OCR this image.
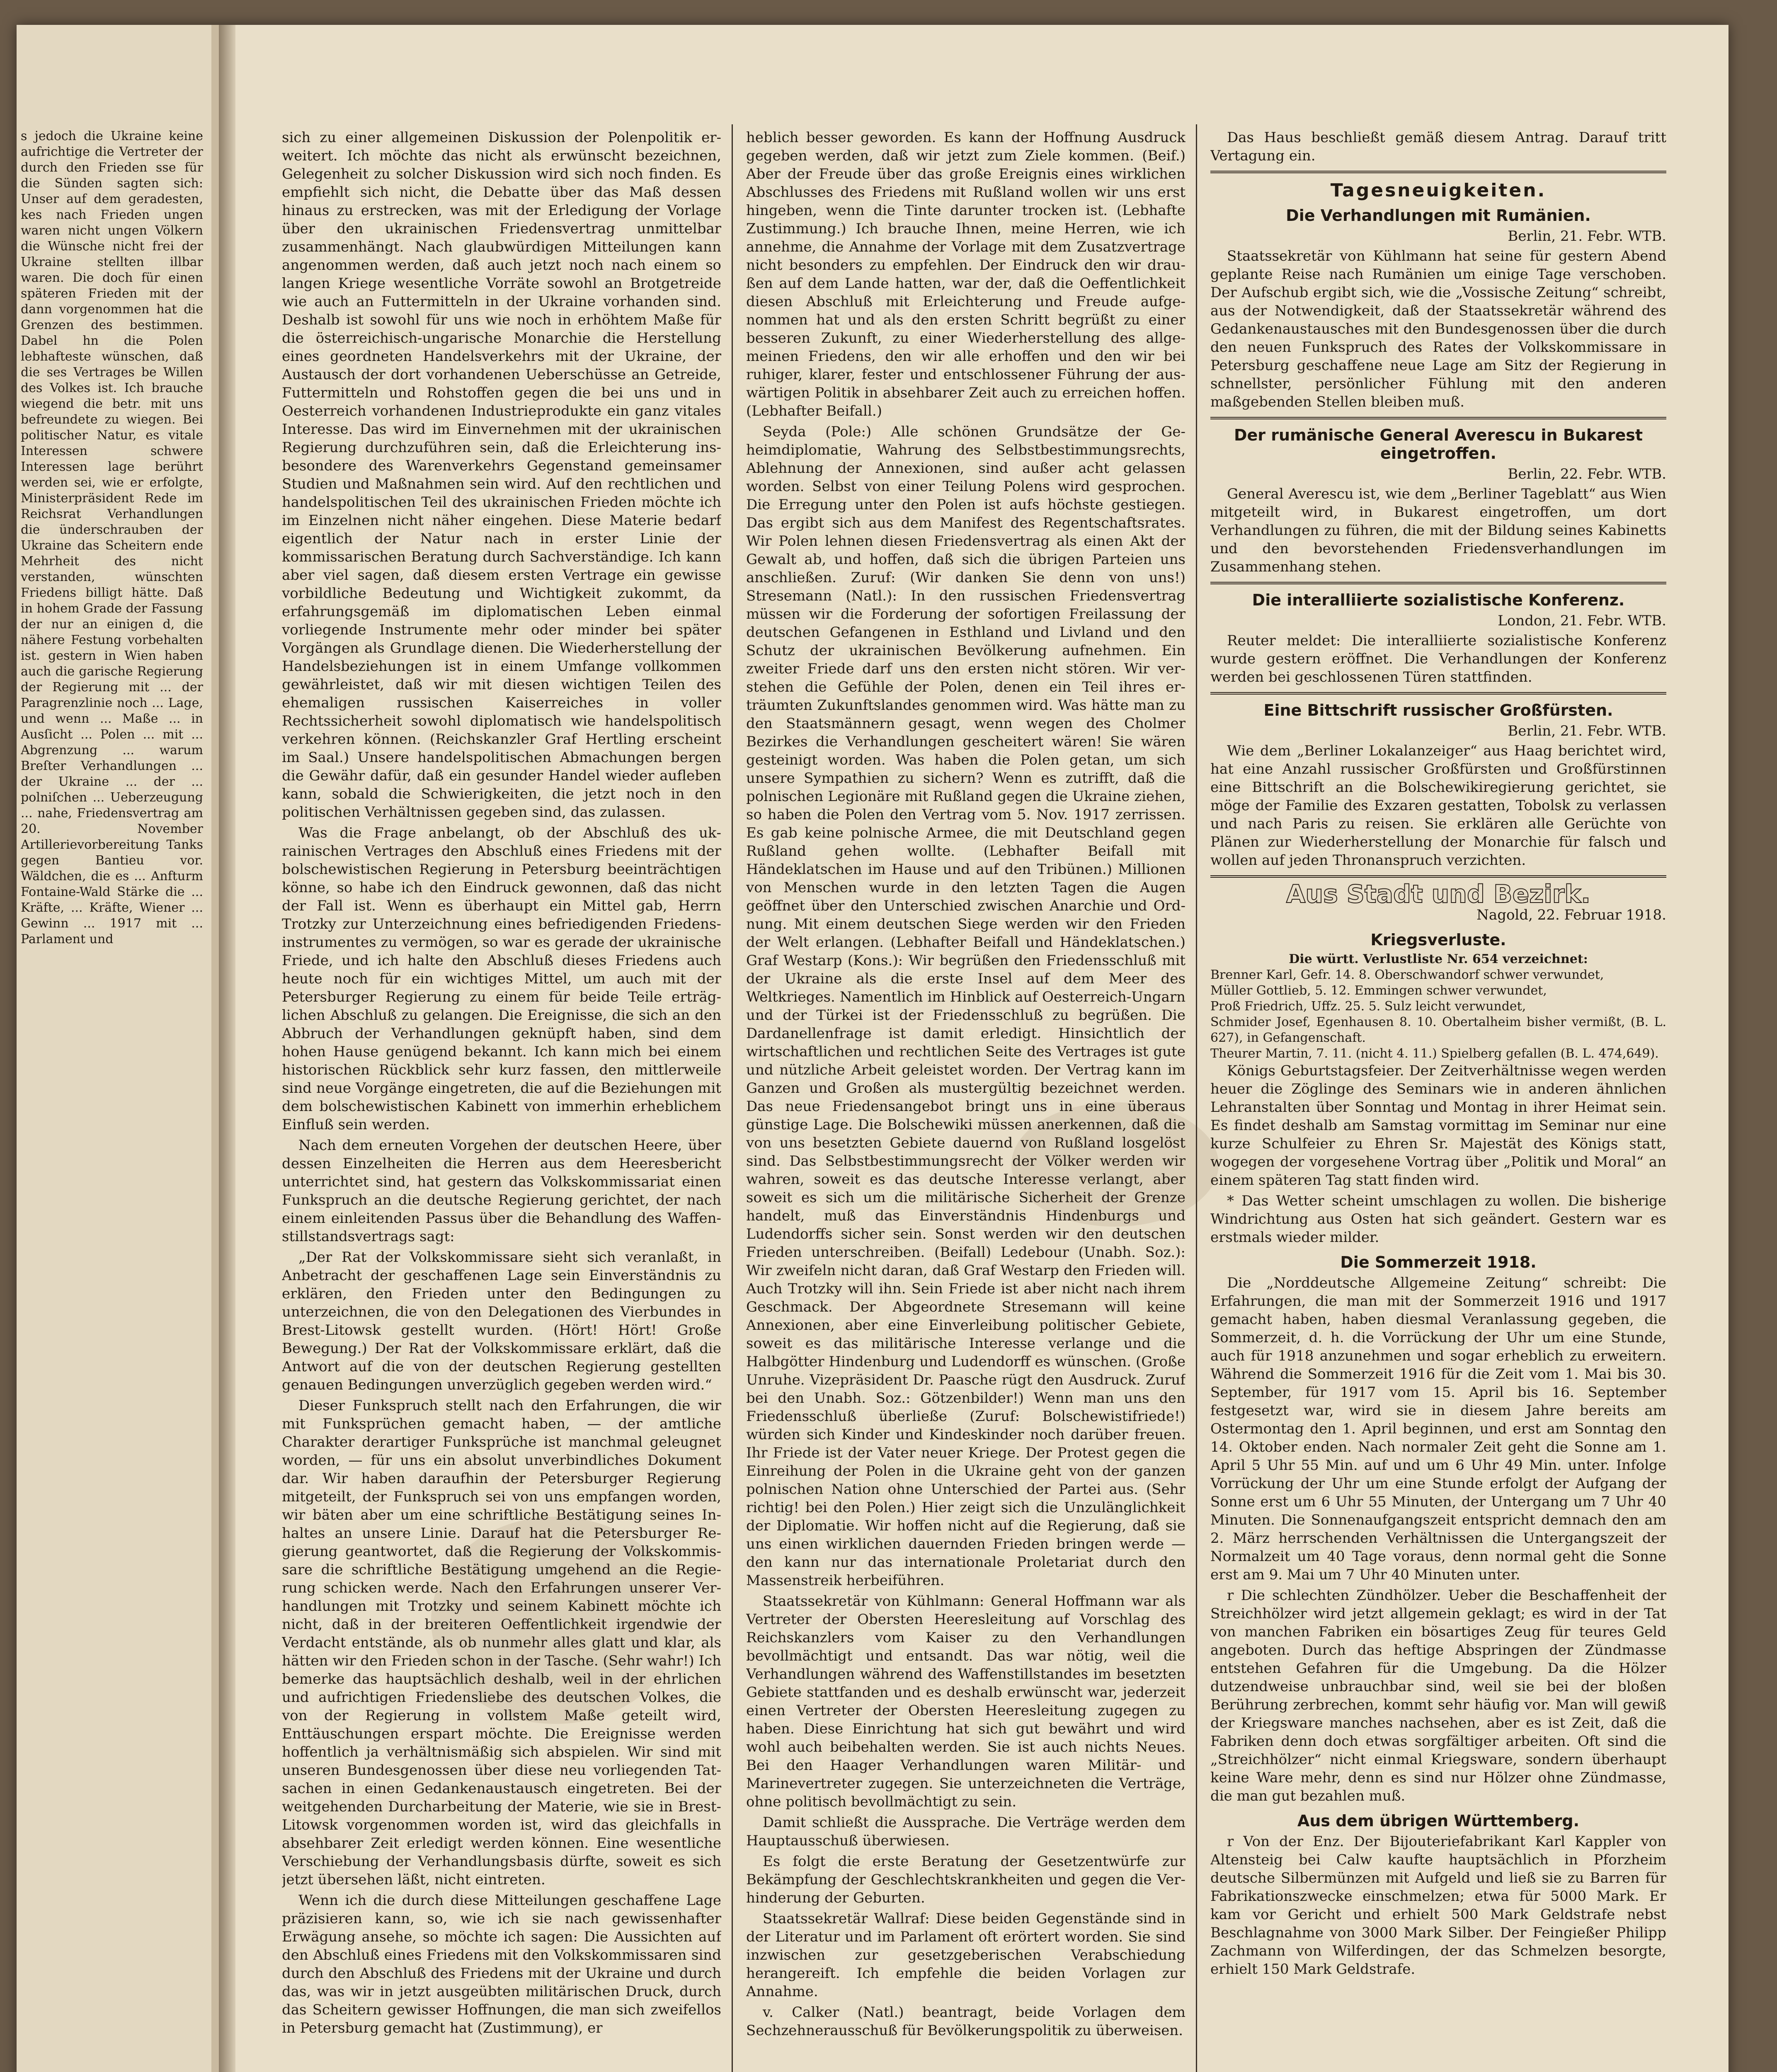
s jedoch die Ukraine keine aufrichtige die Vertreter der durch den Frieden sse für die Sünden sagten sich: Unser auf dem geradesten, kes nach Frieden ungen waren nicht ungen Völkern die Wünsche nicht frei der Ukraine stellten illbar waren. Die doch für einen späteren Frieden mit der dann vorgenommen hat die Grenzen des bestimmen. Dabel hn die Polen lebhafteste wünschen, daß die ses Vertrages be Willen des Volkes ist. Ich brauche wiegend die betr. mit uns befreundete zu wiegen. Bei politischer Natur, es vitale Interessen schwere Interessen lage berührt werden sei, wie er erfolgte, Ministerpräsident Rede im Reichsrat Verhandlungen die ünderschrauben der Ukraine das Scheitern ende Mehrheit des nicht verstanden, wünschten Friedens billigt hätte. Daß in hohem Grade der Fassung der nur an einigen d, die nähere Festung vorbehalten ist. gestern in Wien haben auch die garische Regierung der Regierung mit ... der Paragrenzlinie noch ... Lage, und wenn ... Maße ... in Ausſicht ... Polen ... mit ... Abgrenzung ... warum Breſter Verhandlungen ... der Ukraine ... der ... polniſchen ... Ueberzeugung ... nahe, Friedensvertrag am 20. November Artillerievorbereitung Tanks gegen Bantieu vor. Wäldchen, die es ... Anfturm Fontaine-Wald Stärke die ... Kräfte, ... Kräfte, Wiener ... Gewinn ... 1917 mit ... Parlament und

sich zu einer allgemeinen Diskussion der Polenpolitik erweitert. Ich möchte das nicht als erwünscht bezeichnen, Gelegenheit zu solcher Diskussion wird sich noch finden. Es empfiehlt sich nicht, die Debatte über das Maß dessen hinaus zu erstrecken, was mit der Erledigung der Vorlage über den ukrainischen Friedensvertrag unmittelbar zusammenhängt. Nach glaubwürdigen Mitteilungen kann angenommen werden, daß auch jetzt noch nach einem so langen Kriege wesentliche Vorräte sowohl an Brotgetreide wie auch an Futtermitteln in der Ukraine vorhanden sind. Deshalb ist sowohl für uns wie noch in erhöhtem Maße für die österreichisch-ungarische Monarchie die Herstellung eines geordneten Handelsverkehrs mit der Ukraine, der Austausch der dort vorhandenen Ueberschüsse an Getreide, Futtermitteln und Rohstoffen gegen die bei uns und in Oesterreich vorhandenen Industrieprodukte ein ganz vitales Interesse. Das wird im Einvernehmen mit der ukrainischen Regierung durchzuführen sein, daß die Erleichterung insbesondere des Warenverkehrs Gegenstand gemeinsamer Studien und Maßnahmen sein wird. Auf den rechtlichen und handelspolitischen Teil des ukrainischen Frieden möchte ich im Einzelnen nicht näher eingehen. Diese Materie bedarf eigentlich der Natur nach in erster Linie der kommissarischen Beratung durch Sachverständige. Ich kann aber viel sagen, daß diesem ersten Vertrage ein gewisse vorbildliche Bedeutung und Wichtigkeit zukommt, da erfahrungsgemäß im diplomatischen Leben einmal vorliegende Instrumente mehr oder minder bei später Vorgängen als Grundlage dienen. Die Wiederherstellung der Handelsbeziehungen ist in einem Umfange vollkommen gewährleistet, daß wir mit diesen wichtigen Teilen des ehemaligen russischen Kaiserreiches in voller Rechtssicherheit sowohl diplomatisch wie handelspolitisch verkehren können. (Reichskanzler Graf Hertling erscheint im Saal.) Unsere handelspolitischen Abmachungen bergen die Gewähr dafür, daß ein gesunder Handel wieder aufleben kann, sobald die Schwierigkeiten, die jetzt noch in den politischen Verhältnissen gegeben sind, das zulassen.

Was die Frage anbelangt, ob der Abschluß des ukrainischen Vertrages den Abschluß eines Friedens mit der bolschewistischen Regierung in Petersburg beeinträchtigen könne, so habe ich den Eindruck gewonnen, daß das nicht der Fall ist. Wenn es überhaupt ein Mittel gab, Herrn Trotzky zur Unterzeichnung eines befriedigenden Friedensinstrumentes zu vermögen, so war es gerade der ukrainische Friede, und ich halte den Abschluß dieses Friedens auch heute noch für ein wichtiges Mittel, um auch mit der Petersburger Regierung zu einem für beide Teile erträglichen Abschluß zu gelangen. Die Ereignisse, die sich an den Abbruch der Verhandlungen geknüpft haben, sind dem hohen Hause genügend bekannt. Ich kann mich bei einem historischen Rückblick sehr kurz fassen, den mittlerweile sind neue Vorgänge eingetreten, die auf die Beziehungen mit dem bolschewistischen Kabinett von immerhin erheblichem Einfluß sein werden.

Nach dem erneuten Vorgehen der deutschen Heere, über dessen Einzelheiten die Herren aus dem Heeresbericht unterrichtet sind, hat gestern das Volkskommissariat einen Funkspruch an die deutsche Regierung gerichtet, der nach einem einleitenden Passus über die Behandlung des Waffenstillstandsvertrags sagt:

„Der Rat der Volkskommissare sieht sich veranlaßt, in Anbetracht der geschaffenen Lage sein Einverständnis zu erklären, den Frieden unter den Bedingungen zu unterzeichnen, die von den Delegationen des Vierbundes in Brest-Litowsk gestellt wurden. (Hört! Hört! Große Bewegung.) Der Rat der Volkskommissare erklärt, daß die Antwort auf die von der deutschen Regierung gestellten genauen Bedingungen unverzüglich gegeben werden wird.“

Dieser Funkspruch stellt nach den Erfahrungen, die wir mit Funksprüchen gemacht haben, — der amtliche Charakter derartiger Funksprüche ist manchmal geleugnet worden, — für uns ein absolut unverbindliches Dokument dar. Wir haben daraufhin der Petersburger Regierung mitgeteilt, der Funkspruch sei von uns empfangen worden, wir bäten aber um eine schriftliche Bestätigung seines Inhaltes an unsere Linie. Darauf hat die Petersburger Regierung geantwortet, daß die Regierung der Volkskommissare die schriftliche Bestätigung umgehend an die Regierung schicken werde. Nach den Erfahrungen unserer Verhandlungen mit Trotzky und seinem Kabinett möchte ich nicht, daß in der breiteren Oeffentlichkeit irgendwie der Verdacht entstände, als ob nunmehr alles glatt und klar, als hätten wir den Frieden schon in der Tasche. (Sehr wahr!) Ich bemerke das hauptsächlich deshalb, weil in der ehrlichen und aufrichtigen Friedensliebe des deutschen Volkes, die von der Regierung in vollstem Maße geteilt wird, Enttäuschungen erspart möchte. Die Ereignisse werden hoffentlich ja verhältnismäßig sich abspielen. Wir sind mit unseren Bundesgenossen über diese neu vorliegenden Tatsachen in einen Gedankenaustausch eingetreten. Bei der weitgehenden Durcharbeitung der Materie, wie sie in Brest-Litowsk vorgenommen worden ist, wird das gleichfalls in absehbarer Zeit erledigt werden können. Eine wesentliche Verschiebung der Verhandlungsbasis dürfte, soweit es sich jetzt übersehen läßt, nicht eintreten.

Wenn ich die durch diese Mitteilungen geschaffene Lage präzisieren kann, so, wie ich sie nach gewissenhafter Erwägung ansehe, so möchte ich sagen: Die Aussichten auf den Abschluß eines Friedens mit den Volkskommissaren sind durch den Abschluß des Friedens mit der Ukraine und durch das, was wir in jetzt ausgeübten militärischen Druck, durch das Scheitern gewisser Hoffnungen, die man sich zweifellos in Petersburg gemacht hat (Zustimmung), er

heblich besser geworden. Es kann der Hoffnung Ausdruck gegeben werden, daß wir jetzt zum Ziele kommen. (Beif.) Aber der Freude über das große Ereignis eines wirklichen Abschlusses des Friedens mit Rußland wollen wir uns erst hingeben, wenn die Tinte darunter trocken ist. (Lebhafte Zustimmung.) Ich brauche Ihnen, meine Herren, wie ich annehme, die Annahme der Vorlage mit dem Zusatzvertrage nicht besonders zu empfehlen. Der Eindruck den wir draußen auf dem Lande hatten, war der, daß die Oeffentlichkeit diesen Abschluß mit Erleichterung und Freude aufgenommen hat und als den ersten Schritt begrüßt zu einer besseren Zukunft, zu einer Wiederherstellung des allgemeinen Friedens, den wir alle erhoffen und den wir bei ruhiger, klarer, fester und entschlossener Führung der auswärtigen Politik in absehbarer Zeit auch zu erreichen hoffen. (Lebhafter Beifall.)

Seyda (Pole:) Alle schönen Grundsätze der Geheimdiplomatie, Wahrung des Selbstbestimmungsrechts, Ablehnung der Annexionen, sind außer acht gelassen worden. Selbst von einer Teilung Polens wird gesprochen. Die Erregung unter den Polen ist aufs höchste gestiegen. Das ergibt sich aus dem Manifest des Regentschaftsrates. Wir Polen lehnen diesen Friedensvertrag als einen Akt der Gewalt ab, und hoffen, daß sich die übrigen Parteien uns anschließen. Zuruf: (Wir danken Sie denn von uns!) Stresemann (Natl.): In den russischen Friedensvertrag müssen wir die Forderung der sofortigen Freilassung der deutschen Gefangenen in Esthland und Livland und den Schutz der ukrainischen Bevölkerung aufnehmen. Ein zweiter Friede darf uns den ersten nicht stören. Wir verstehen die Gefühle der Polen, denen ein Teil ihres erträumten Zukunftslandes genommen wird. Was hätte man zu den Staatsmännern gesagt, wenn wegen des Cholmer Bezirkes die Verhandlungen gescheitert wären! Sie wären gesteinigt worden. Was haben die Polen getan, um sich unsere Sympathien zu sichern? Wenn es zutrifft, daß die polnischen Legionäre mit Rußland gegen die Ukraine ziehen, so haben die Polen den Vertrag vom 5. Nov. 1917 zerrissen. Es gab keine polnische Armee, die mit Deutschland gegen Rußland gehen wollte. (Lebhafter Beifall mit Händeklatschen im Hause und auf den Tribünen.) Millionen von Menschen wurde in den letzten Tagen die Augen geöffnet über den Unterschied zwischen Anarchie und Ordnung. Mit einem deutschen Siege werden wir den Frieden der Welt erlangen. (Lebhafter Beifall und Händeklatschen.) Graf Westarp (Kons.): Wir begrüßen den Friedensschluß mit der Ukraine als die erste Insel auf dem Meer des Weltkrieges. Namentlich im Hinblick auf Oesterreich-Ungarn und der Türkei ist der Friedensschluß zu begrüßen. Die Dardanellenfrage ist damit erledigt. Hinsichtlich der wirtschaftlichen und rechtlichen Seite des Vertrages ist gute und nützliche Arbeit geleistet worden. Der Vertrag kann im Ganzen und Großen als mustergültig bezeichnet werden. Das neue Friedensangebot bringt uns in eine überaus günstige Lage. Die Bolschewiki müssen anerkennen, daß die von uns besetzten Gebiete dauernd von Rußland losgelöst sind. Das Selbstbestimmungsrecht der Völker werden wir wahren, soweit es das deutsche Interesse verlangt, aber soweit es sich um die militärische Sicherheit der Grenze handelt, muß das Einverständnis Hindenburgs und Ludendorffs sicher sein. Sonst werden wir den deutschen Frieden unterschreiben. (Beifall) Ledebour (Unabh. Soz.): Wir zweifeln nicht daran, daß Graf Westarp den Frieden will. Auch Trotzky will ihn. Sein Friede ist aber nicht nach ihrem Geschmack. Der Abgeordnete Stresemann will keine Annexionen, aber eine Einverleibung politischer Gebiete, soweit es das militärische Interesse verlange und die Halbgötter Hindenburg und Ludendorff es wünschen. (Große Unruhe. Vizepräsident Dr. Paasche rügt den Ausdruck. Zuruf bei den Unabh. Soz.: Götzenbilder!) Wenn man uns den Friedensschluß überließe (Zuruf: Bolschewistifriede!) würden sich Kinder und Kindeskinder noch darüber freuen. Ihr Friede ist der Vater neuer Kriege. Der Protest gegen die Einreihung der Polen in die Ukraine geht von der ganzen polnischen Nation ohne Unterschied der Partei aus. (Sehr richtig! bei den Polen.) Hier zeigt sich die Unzulänglichkeit der Diplomatie. Wir hoffen nicht auf die Regierung, daß sie uns einen wirklichen dauernden Frieden bringen werde — den kann nur das internationale Proletariat durch den Massenstreik herbeiführen.

Staatssekretär von Kühlmann: General Hoffmann war als Vertreter der Obersten Heeresleitung auf Vorschlag des Reichskanzlers vom Kaiser zu den Verhandlungen bevollmächtigt und entsandt. Das war nötig, weil die Verhandlungen während des Waffenstillstandes im besetzten Gebiete stattfanden und es deshalb erwünscht war, jederzeit einen Vertreter der Obersten Heeresleitung zugegen zu haben. Diese Einrichtung hat sich gut bewährt und wird wohl auch beibehalten werden. Sie ist auch nichts Neues. Bei den Haager Verhandlungen waren Militär- und Marinevertreter zugegen. Sie unterzeichneten die Verträge, ohne politisch bevollmächtigt zu sein.

Damit schließt die Aussprache. Die Verträge werden dem Hauptausschuß überwiesen.

Es folgt die erste Beratung der Gesetzentwürfe zur Bekämpfung der Geschlechtskrankheiten und gegen die Verhinderung der Geburten.

Staatssekretär Wallraf: Diese beiden Gegenstände sind in der Literatur und im Parlament oft erörtert worden. Sie sind inzwischen zur gesetzgeberischen Verabschiedung herangereift. Ich empfehle die beiden Vorlagen zur Annahme.

v. Calker (Natl.) beantragt, beide Vorlagen dem Sechzehnerausschuß für Bevölkerungspolitik zu überweisen.

Das Haus beschließt gemäß diesem Antrag. Darauf tritt Vertagung ein.

Tagesneuigkeiten.
Die Verhandlungen mit Rumänien.
Berlin, 21. Febr. WTB.

Staatssekretär von Kühlmann hat seine für gestern Abend geplante Reise nach Rumänien um einige Tage verschoben. Der Aufschub ergibt sich, wie die „Vossische Zeitung“ schreibt, aus der Notwendigkeit, daß der Staatssekretär während des Gedankenaustausches mit den Bundesgenossen über die durch den neuen Funkspruch des Rates der Volkskommissare in Petersburg geschaffene neue Lage am Sitz der Regierung in schnellster, persönlicher Fühlung mit den anderen maßgebenden Stellen bleiben muß.

Der rumänische General Averescu in Bukarest eingetroffen.
Berlin, 22. Febr. WTB.

General Averescu ist, wie dem „Berliner Tageblatt“ aus Wien mitgeteilt wird, in Bukarest eingetroffen, um dort Verhandlungen zu führen, die mit der Bildung seines Kabinetts und den bevorstehenden Friedensverhandlungen im Zusammenhang stehen.

Die interalliierte sozialistische Konferenz.
London, 21. Febr. WTB.

Reuter meldet: Die interalliierte sozialistische Konferenz wurde gestern eröffnet. Die Verhandlungen der Konferenz werden bei geschlossenen Türen stattfinden.

Eine Bittschrift russischer Großfürsten.
Berlin, 21. Febr. WTB.

Wie dem „Berliner Lokalanzeiger“ aus Haag berichtet wird, hat eine Anzahl russischer Großfürsten und Großfürstinnen eine Bittschrift an die Bolschewikiregierung gerichtet, sie möge der Familie des Exzaren gestatten, Tobolsk zu verlassen und nach Paris zu reisen. Sie erklären alle Gerüchte von Plänen zur Wiederherstellung der Monarchie für falsch und wollen auf jeden Thronanspruch verzichten.

Aus Stadt und Bezirk.
Nagold, 22. Februar 1918.
Kriegsverluste.
Die württ. Verlustliste Nr. 654 verzeichnet:
Brenner Karl, Gefr. 14. 8. Oberschwandorf schwer verwundet,
Müller Gottlieb, 5. 12. Emmingen schwer verwundet,
Proß Friedrich, Uffz. 25. 5. Sulz leicht verwundet,
Schmider Josef, Egenhausen 8. 10. Obertalheim bisher vermißt, (B. L. 627), in Gefangenschaft.
Theurer Martin, 7. 11. (nicht 4. 11.) Spielberg gefallen (B. L. 474,649).

Königs Geburtstagsfeier. Der Zeitverhältnisse wegen werden heuer die Zöglinge des Seminars wie in anderen ähnlichen Lehranstalten über Sonntag und Montag in ihrer Heimat sein. Es findet deshalb am Samstag vormittag im Seminar nur eine kurze Schulfeier zu Ehren Sr. Majestät des Königs statt, wogegen der vorgesehene Vortrag über „Politik und Moral“ an einem späteren Tag statt finden wird.

* Das Wetter scheint umschlagen zu wollen. Die bisherige Windrichtung aus Osten hat sich geändert. Gestern war es erstmals wieder milder.

Die Sommerzeit 1918.

Die „Norddeutsche Allgemeine Zeitung“ schreibt: Die Erfahrungen, die man mit der Sommerzeit 1916 und 1917 gemacht haben, haben diesmal Veranlassung gegeben, die Sommerzeit, d. h. die Vorrückung der Uhr um eine Stunde, auch für 1918 anzunehmen und sogar erheblich zu erweitern. Während die Sommerzeit 1916 für die Zeit vom 1. Mai bis 30. September, für 1917 vom 15. April bis 16. September festgesetzt war, wird sie in diesem Jahre bereits am Ostermontag den 1. April beginnen, und erst am Sonntag den 14. Oktober enden. Nach normaler Zeit geht die Sonne am 1. April 5 Uhr 55 Min. auf und um 6 Uhr 49 Min. unter. Infolge Vorrückung der Uhr um eine Stunde erfolgt der Aufgang der Sonne erst um 6 Uhr 55 Minuten, der Untergang um 7 Uhr 40 Minuten. Die Sonnenaufgangszeit entspricht demnach den am 2. März herrschenden Verhältnissen die Untergangszeit der Normalzeit um 40 Tage voraus, denn normal geht die Sonne erst am 9. Mai um 7 Uhr 40 Minuten unter.

r Die schlechten Zündhölzer. Ueber die Beschaffenheit der Streichhölzer wird jetzt allgemein geklagt; es wird in der Tat von manchen Fabriken ein bösartiges Zeug für teures Geld angeboten. Durch das heftige Abspringen der Zündmasse entstehen Gefahren für die Umgebung. Da die Hölzer dutzendweise unbrauchbar sind, weil sie bei der bloßen Berührung zerbrechen, kommt sehr häufig vor. Man will gewiß der Kriegsware manches nachsehen, aber es ist Zeit, daß die Fabriken denn doch etwas sorgfältiger arbeiten. Oft sind die „Streichhölzer“ nicht einmal Kriegsware, sondern überhaupt keine Ware mehr, denn es sind nur Hölzer ohne Zündmasse, die man gut bezahlen muß.

Aus dem übrigen Württemberg.

r Von der Enz. Der Bijouteriefabrikant Karl Kappler von Altensteig bei Calw kaufte hauptsächlich in Pforzheim deutsche Silbermünzen mit Aufgeld und ließ sie zu Barren für Fabrikationszwecke einschmelzen; etwa für 5000 Mark. Er kam vor Gericht und erhielt 500 Mark Geldstrafe nebst Beschlagnahme von 3000 Mark Silber. Der Feingießer Philipp Zachmann von Wilferdingen, der das Schmelzen besorgte, erhielt 150 Mark Geldstrafe.
